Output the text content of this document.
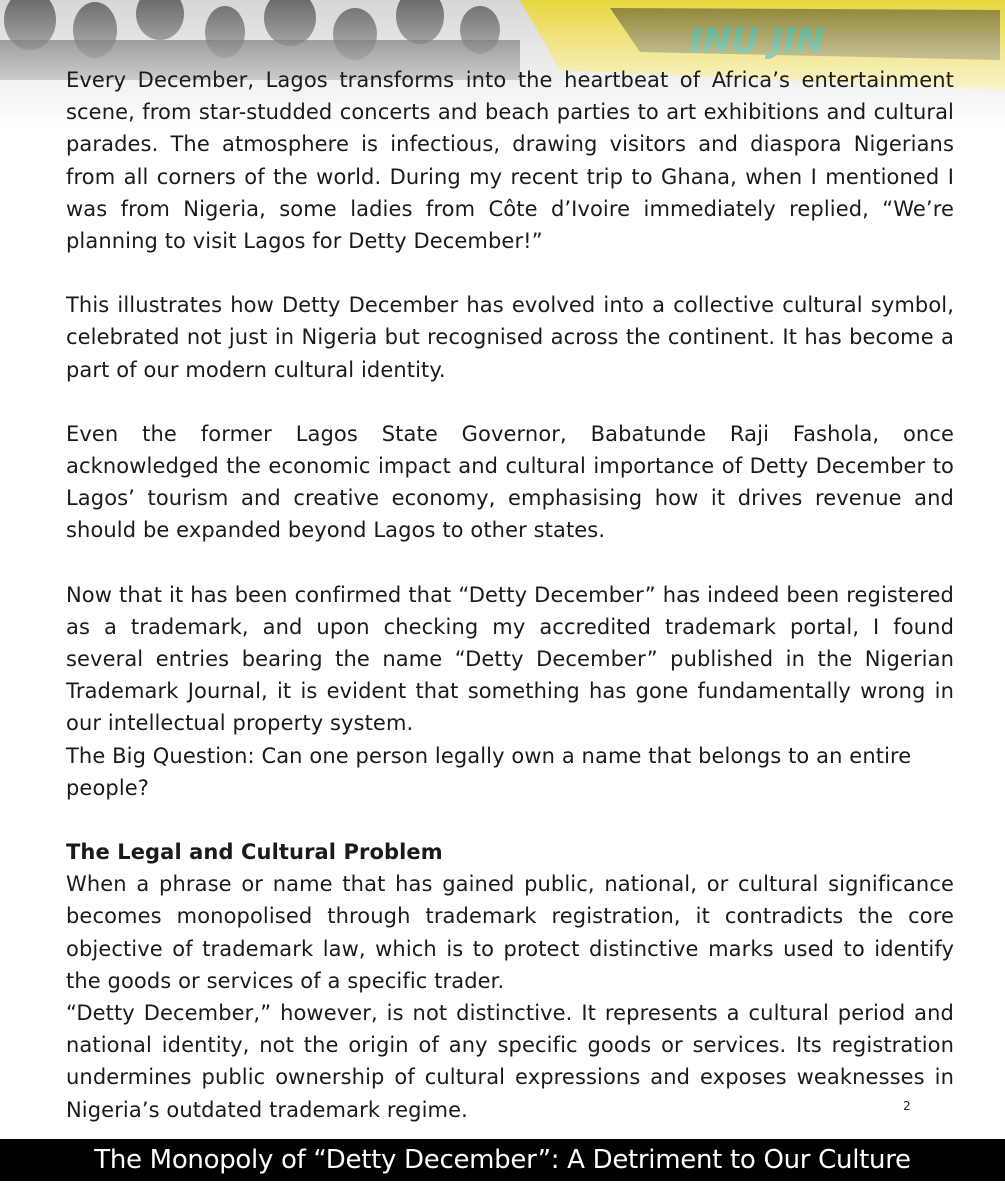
Every December, Lagos transforms into the heartbeat of Africa’s entertainment scene, from star-studded concerts and beach parties to art exhibitions and cultural parades. The atmosphere is infectious, drawing visitors and diaspora Nigerians from all corners of the world. During my recent trip to Ghana, when I mentioned I was from Nigeria, some ladies from Côte d’Ivoire immediately replied, “We’re planning to visit Lagos for Detty December!”

This illustrates how Detty December has evolved into a collective cultural symbol, celebrated not just in Nigeria but recognised across the continent. It has become a part of our modern cultural identity.

Even the former Lagos State Governor, Babatunde Raji Fashola, once acknowledged the economic impact and cultural importance of Detty December to Lagos’ tourism and creative economy, emphasising how it drives revenue and should be expanded beyond Lagos to other states.

Now that it has been confirmed that “Detty December” has indeed been registered as a trademark, and upon checking my accredited trademark portal, I found several entries bearing the name “Detty December” published in the Nigerian Trademark Journal, it is evident that something has gone fundamentally wrong in our intellectual property system.

The Big Question: Can one person legally own a name that belongs to an entire people?

The Legal and Cultural Problem

When a phrase or name that has gained public, national, or cultural significance becomes monopolised through trademark registration, it contradicts the core objective of trademark law, which is to protect distinctive marks used to identify the goods or services of a specific trader.

“Detty December,” however, is not distinctive. It represents a cultural period and national identity, not the origin of any specific goods or services. Its registration undermines public ownership of cultural expressions and exposes weaknesses in Nigeria’s outdated trademark regime.	2
The Monopoly of “Detty December”: A Detriment to Our Culture
